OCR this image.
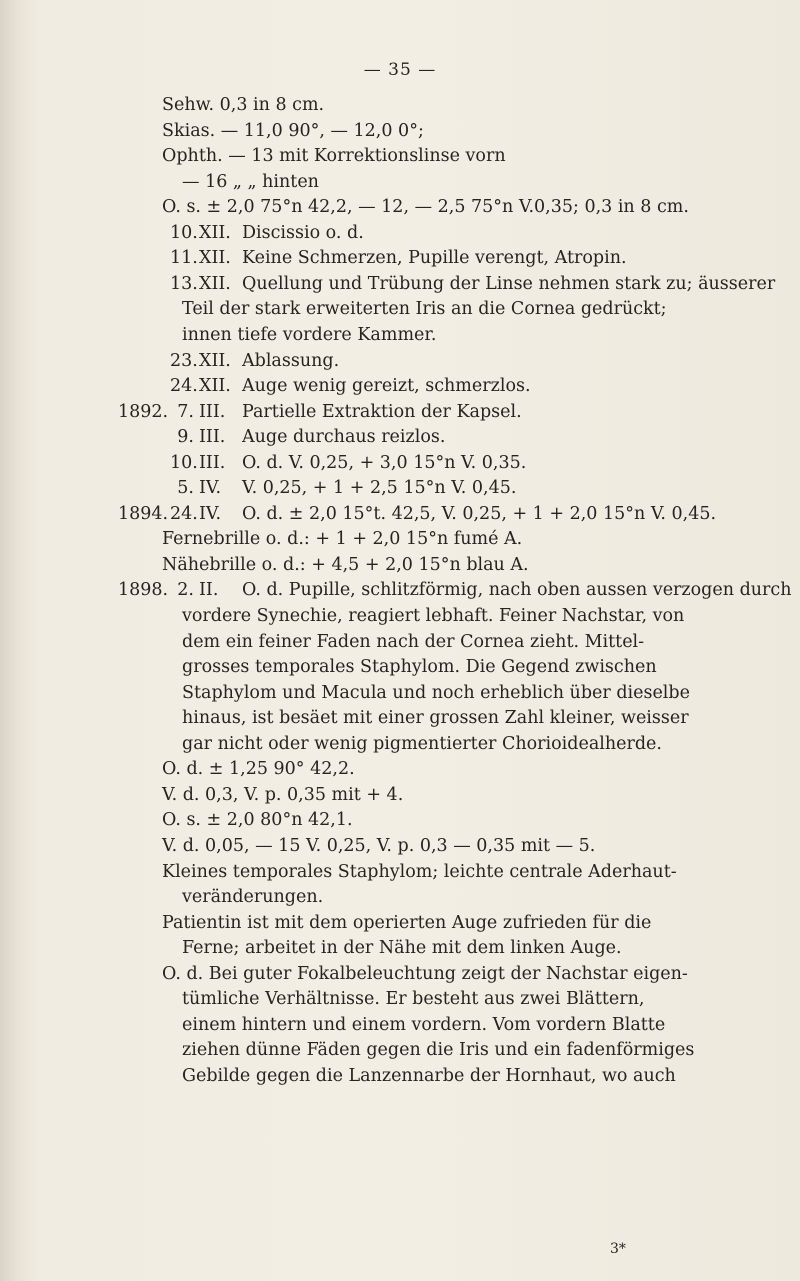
— 35 —
Sehw. 0,3 in 8 cm.
Skias. — 11,0 90°, — 12,0 0°;
Ophth. — 13 mit Korrektionslinse vorn
— 16 „ „ hinten
O. s. ± 2,0 75°n 42,2, — 12, — 2,5 75°n V.0,35; 0,3 in 8 cm.
10. XII. Discissio o. d.
11. XII. Keine Schmerzen, Pupille verengt, Atropin.
13. XII. Quellung und Trübung der Linse nehmen stark zu; äusserer
Teil der stark erweiterten Iris an die Cornea gedrückt;
innen tiefe vordere Kammer.
23. XII. Ablassung.
24. XII. Auge wenig gereizt, schmerzlos.
1892. 7. III. Partielle Extraktion der Kapsel.
9. III. Auge durchaus reizlos.
10. III. O. d. V. 0,25, + 3,0 15°n V. 0,35.
5. IV. V. 0,25, + 1 + 2,5 15°n V. 0,45.
1894. 24. IV. O. d. ± 2,0 15°t. 42,5, V. 0,25, + 1 + 2,0 15°n V. 0,45.
Fernebrille o. d.: + 1 + 2,0 15°n fumé A.
Nähebrille o. d.: + 4,5 + 2,0 15°n blau A.
1898. 2. II. O. d. Pupille, schlitzförmig, nach oben aussen verzogen durch
vordere Synechie, reagiert lebhaft. Feiner Nachstar, von
dem ein feiner Faden nach der Cornea zieht. Mittel-
grosses temporales Staphylom. Die Gegend zwischen
Staphylom und Macula und noch erheblich über dieselbe
hinaus, ist besäet mit einer grossen Zahl kleiner, weisser
gar nicht oder wenig pigmentierter Chorioidealherde.
O. d. ± 1,25 90° 42,2.
V. d. 0,3, V. p. 0,35 mit + 4.
O. s. ± 2,0 80°n 42,1.
V. d. 0,05, — 15 V. 0,25, V. p. 0,3 — 0,35 mit — 5.
Kleines temporales Staphylom; leichte centrale Aderhaut-
veränderungen.
Patientin ist mit dem operierten Auge zufrieden für die
Ferne; arbeitet in der Nähe mit dem linken Auge.
O. d. Bei guter Fokalbeleuchtung zeigt der Nachstar eigen-
tümliche Verhältnisse. Er besteht aus zwei Blättern,
einem hintern und einem vordern. Vom vordern Blatte
ziehen dünne Fäden gegen die Iris und ein fadenförmiges
Gebilde gegen die Lanzennarbe der Hornhaut, wo auch
3*
